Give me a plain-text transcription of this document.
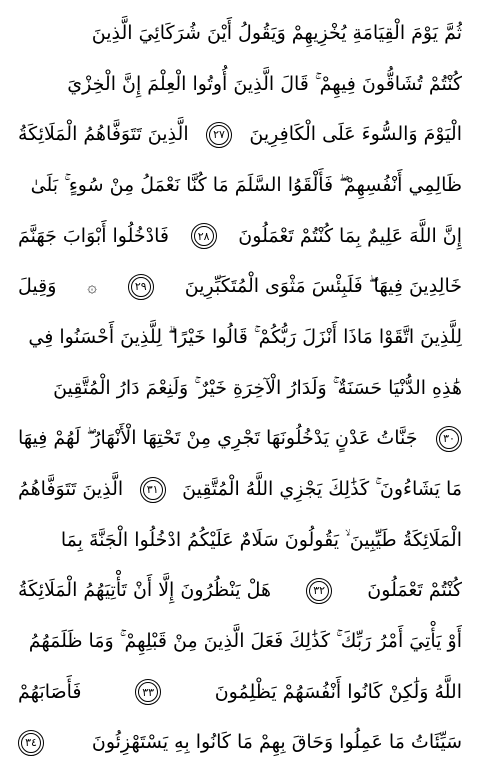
ثُمَّ يَوْمَ الْقِيَامَةِ يُخْزِيهِمْ وَيَقُولُ أَيْنَ شُرَكَائِيَ الَّذِينَ
كُنْتُمْ تُشَاقُّونَ فِيهِمْ ۚ قَالَ الَّذِينَ أُوتُوا الْعِلْمَ إِنَّ الْخِزْيَ
الْيَوْمَ وَالسُّوءَ عَلَى الْكَافِرِينَ
٢٧
الَّذِينَ تَتَوَفَّاهُمُ الْمَلَائِكَةُ
ظَالِمِي أَنْفُسِهِمْ ۖ فَأَلْقَوُا السَّلَمَ مَا كُنَّا نَعْمَلُ مِنْ سُوءٍ ۚ بَلَىٰ
إِنَّ اللَّهَ عَلِيمٌ بِمَا كُنْتُمْ تَعْمَلُونَ
٢٨
فَادْخُلُوا أَبْوَابَ جَهَنَّمَ
خَالِدِينَ فِيهَا ۖ فَلَبِئْسَ مَثْوَى الْمُتَكَبِّرِينَ
٢٩
۞
وَقِيلَ
لِلَّذِينَ اتَّقَوْا مَاذَا أَنْزَلَ رَبُّكُمْ ۚ قَالُوا خَيْرًا ۗ لِلَّذِينَ أَحْسَنُوا فِي
هَٰذِهِ الدُّنْيَا حَسَنَةٌ ۚ وَلَدَارُ الْآخِرَةِ خَيْرٌ ۚ وَلَنِعْمَ دَارُ الْمُتَّقِينَ
٣٠
جَنَّاتُ عَدْنٍ يَدْخُلُونَهَا تَجْرِي مِنْ تَحْتِهَا الْأَنْهَارُ ۖ لَهُمْ فِيهَا
مَا يَشَاءُونَ ۚ كَذَٰلِكَ يَجْزِي اللَّهُ الْمُتَّقِينَ
٣١
الَّذِينَ تَتَوَفَّاهُمُ
الْمَلَائِكَةُ طَيِّبِينَ ۙ يَقُولُونَ سَلَامٌ عَلَيْكُمُ ادْخُلُوا الْجَنَّةَ بِمَا
كُنْتُمْ تَعْمَلُونَ
٣٢
هَلْ يَنْظُرُونَ إِلَّا أَنْ تَأْتِيَهُمُ الْمَلَائِكَةُ
أَوْ يَأْتِيَ أَمْرُ رَبِّكَ ۚ كَذَٰلِكَ فَعَلَ الَّذِينَ مِنْ قَبْلِهِمْ ۚ وَمَا ظَلَمَهُمُ
اللَّهُ وَلَٰكِنْ كَانُوا أَنْفُسَهُمْ يَظْلِمُونَ
٣٣
فَأَصَابَهُمْ
سَيِّئَاتُ مَا عَمِلُوا وَحَاقَ بِهِمْ مَا كَانُوا بِهِ يَسْتَهْزِئُونَ
٣٤
